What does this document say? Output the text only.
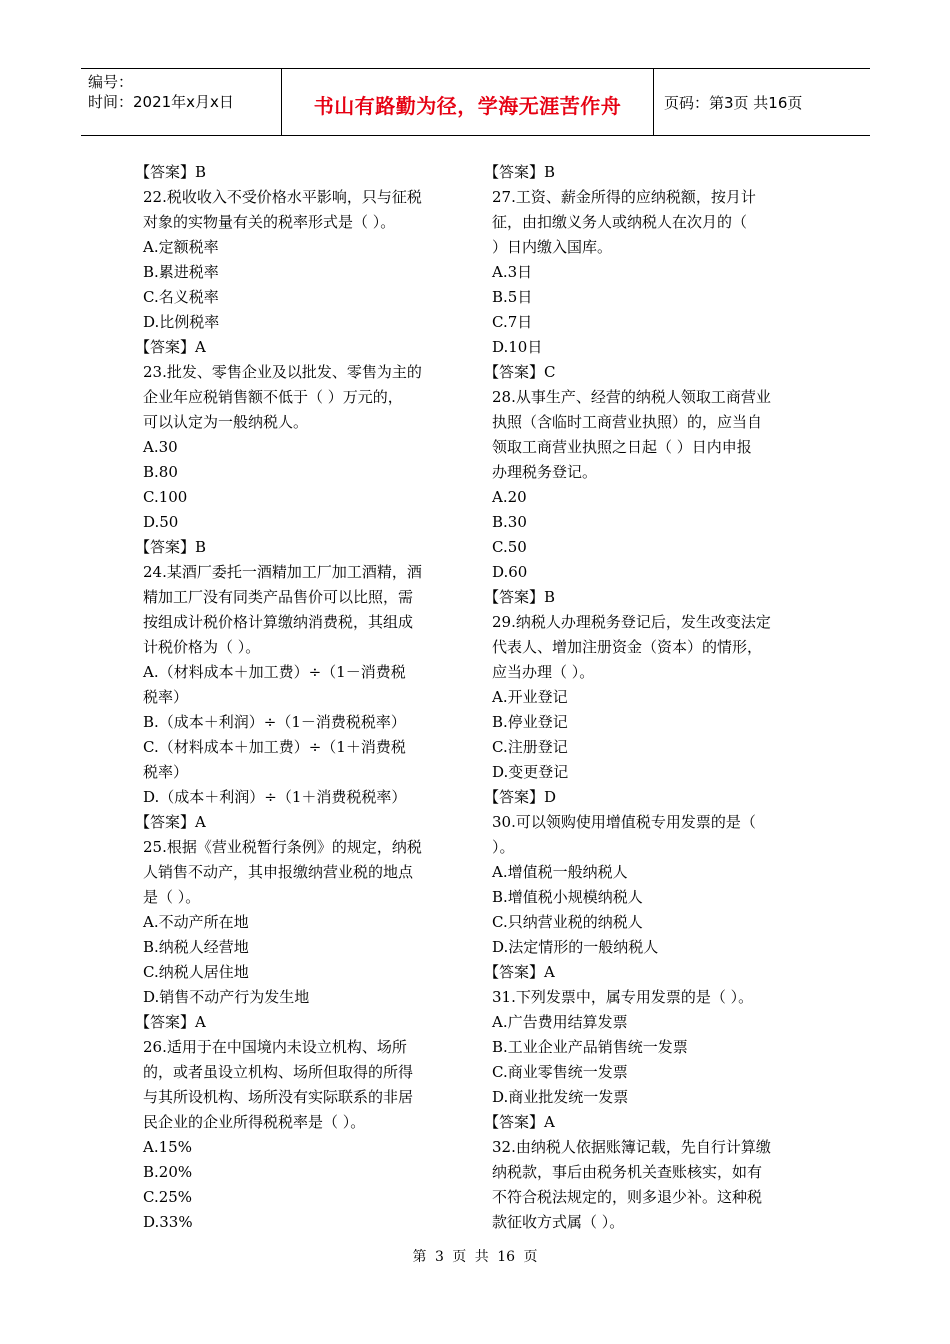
编号：
时间：2021年x月x日	书山有路勤为径，学海无涯苦作舟	页码：第3页 共16页
【答案】B
22.税收收入不受价格水平影响，只与征税
对象的实物量有关的税率形式是（ ）。
A.定额税率
B.累进税率
C.名义税率
D.比例税率
【答案】A
23.批发、零售企业及以批发、零售为主的
企业年应税销售额不低于（ ）万元的，
可以认定为一般纳税人。
A.30
B.80
C.100
D.50
【答案】B
24.某酒厂委托一酒精加工厂加工酒精，酒
精加工厂没有同类产品售价可以比照，需
按组成计税价格计算缴纳消费税，其组成
计税价格为（ ）。
A.（材料成本＋加工费）÷（1－消费税
税率）
B.（成本＋利润）÷（1－消费税税率）
C.（材料成本＋加工费）÷（1＋消费税
税率）
D.（成本＋利润）÷（1＋消费税税率）
【答案】A
25.根据《营业税暂行条例》的规定，纳税
人销售不动产，其申报缴纳营业税的地点
是（ ）。
A.不动产所在地
B.纳税人经营地
C.纳税人居住地
D.销售不动产行为发生地
【答案】A
26.适用于在中国境内未设立机构、场所
的，或者虽设立机构、场所但取得的所得
与其所设机构、场所没有实际联系的非居
民企业的企业所得税税率是（ ）。
A.15%
B.20%
C.25%
D.33%
【答案】B
27.工资、薪金所得的应纳税额，按月计
征，由扣缴义务人或纳税人在次月的（
）日内缴入国库。
A.3日
B.5日
C.7日
D.10日
【答案】C
28.从事生产、经营的纳税人领取工商营业
执照（含临时工商营业执照）的，应当自
领取工商营业执照之日起（ ）日内申报
办理税务登记。
A.20
B.30
C.50
D.60
【答案】B
29.纳税人办理税务登记后，发生改变法定
代表人、增加注册资金（资本）的情形，
应当办理（ ）。
A.开业登记
B.停业登记
C.注册登记
D.变更登记
【答案】D
30.可以领购使用增值税专用发票的是（
）。
A.增值税一般纳税人
B.增值税小规模纳税人
C.只纳营业税的纳税人
D.法定情形的一般纳税人
【答案】A
31.下列发票中，属专用发票的是（ ）。
A.广告费用结算发票
B.工业企业产品销售统一发票
C.商业零售统一发票
D.商业批发统一发票
【答案】A
32.由纳税人依据账簿记载，先自行计算缴
纳税款，事后由税务机关查账核实，如有
不符合税法规定的，则多退少补。这种税
款征收方式属（ ）。
第 3 页 共 16 页
